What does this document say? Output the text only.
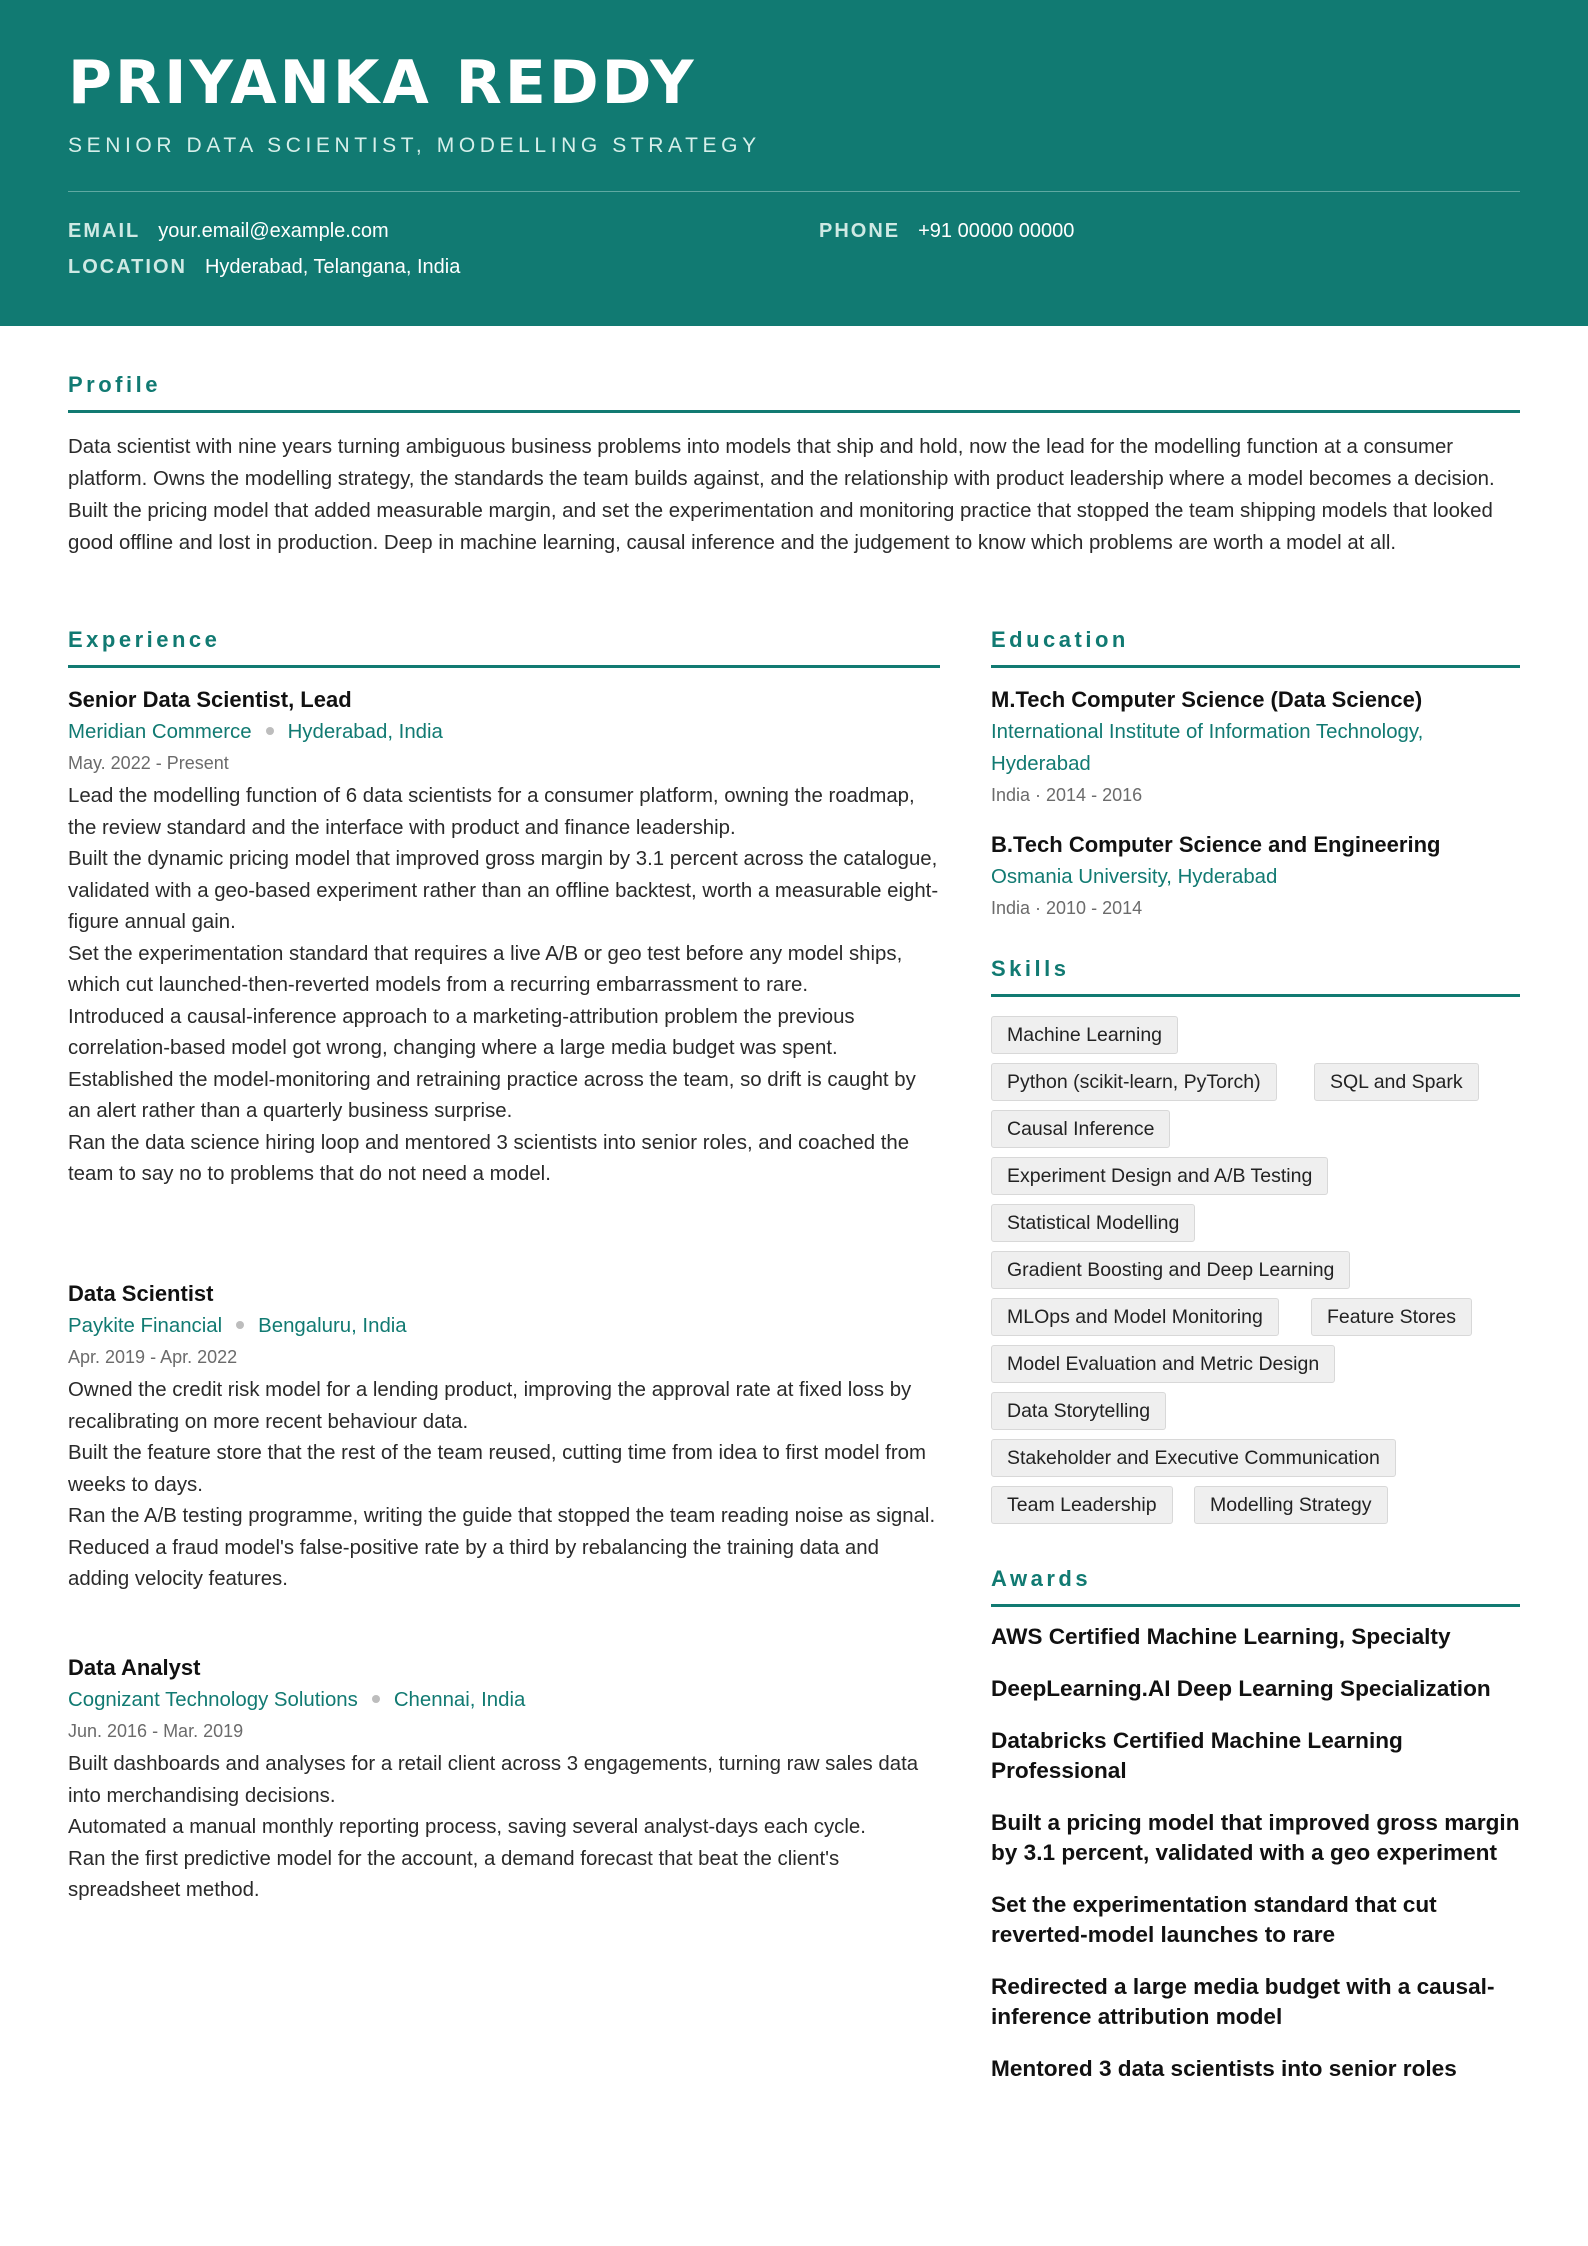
PRIYANKA REDDY
SENIOR DATA SCIENTIST, MODELLING STRATEGY
EMAIL your.email@example.com	PHONE +91 00000 00000
LOCATION Hyderabad, Telangana, India
Profile

Data scientist with nine years turning ambiguous business problems into models that ship and hold, now the lead for the modelling function at a consumer platform. Owns the modelling strategy, the standards the team builds against, and the relationship with product leadership where a model becomes a decision. Built the pricing model that added measurable margin, and set the experimentation and monitoring practice that stopped the team shipping models that looked good offline and lost in production. Deep in machine learning, causal inference and the judgement to know which problems are worth a model at all.

Experience
Senior Data Scientist, Lead
Meridian Commerce Hyderabad, India
May. 2022 - Present
Lead the modelling function of 6 data scientists for a consumer platform, owning the roadmap, the review standard and the interface with product and finance leadership.
Built the dynamic pricing model that improved gross margin by 3.1 percent across the catalogue, validated with a geo-based experiment rather than an offline backtest, worth a measurable eight-figure annual gain.
Set the experimentation standard that requires a live A/B or geo test before any model ships, which cut launched-then-reverted models from a recurring embarrassment to rare.
Introduced a causal-inference approach to a marketing-attribution problem the previous correlation-based model got wrong, changing where a large media budget was spent.
Established the model-monitoring and retraining practice across the team, so drift is caught by an alert rather than a quarterly business surprise.
Ran the data science hiring loop and mentored 3 scientists into senior roles, and coached the team to say no to problems that do not need a model.
Data Scientist
Paykite Financial Bengaluru, India
Apr. 2019 - Apr. 2022
Owned the credit risk model for a lending product, improving the approval rate at fixed loss by recalibrating on more recent behaviour data.
Built the feature store that the rest of the team reused, cutting time from idea to first model from weeks to days.
Ran the A/B testing programme, writing the guide that stopped the team reading noise as signal.
Reduced a fraud model's false-positive rate by a third by rebalancing the training data and adding velocity features.
Data Analyst
Cognizant Technology Solutions Chennai, India
Jun. 2016 - Mar. 2019
Built dashboards and analyses for a retail client across 3 engagements, turning raw sales data into merchandising decisions.
Automated a manual monthly reporting process, saving several analyst-days each cycle.
Ran the first predictive model for the account, a demand forecast that beat the client's spreadsheet method.
Education
M.Tech Computer Science (Data Science)
International Institute of Information Technology, Hyderabad
India · 2014 - 2016
B.Tech Computer Science and Engineering
Osmania University, Hyderabad
India · 2010 - 2014
Skills
Machine Learning
Python (scikit-learn, PyTorch)	SQL and Spark
Causal Inference
Experiment Design and A/B Testing
Statistical Modelling
Gradient Boosting and Deep Learning
MLOps and Model Monitoring	Feature Stores
Model Evaluation and Metric Design
Data Storytelling
Stakeholder and Executive Communication
Team Leadership	Modelling Strategy
Awards
AWS Certified Machine Learning, Specialty
DeepLearning.AI Deep Learning Specialization
Databricks Certified Machine Learning Professional
Built a pricing model that improved gross margin by 3.1 percent, validated with a geo experiment
Set the experimentation standard that cut reverted-model launches to rare
Redirected a large media budget with a causal-inference attribution model
Mentored 3 data scientists into senior roles
